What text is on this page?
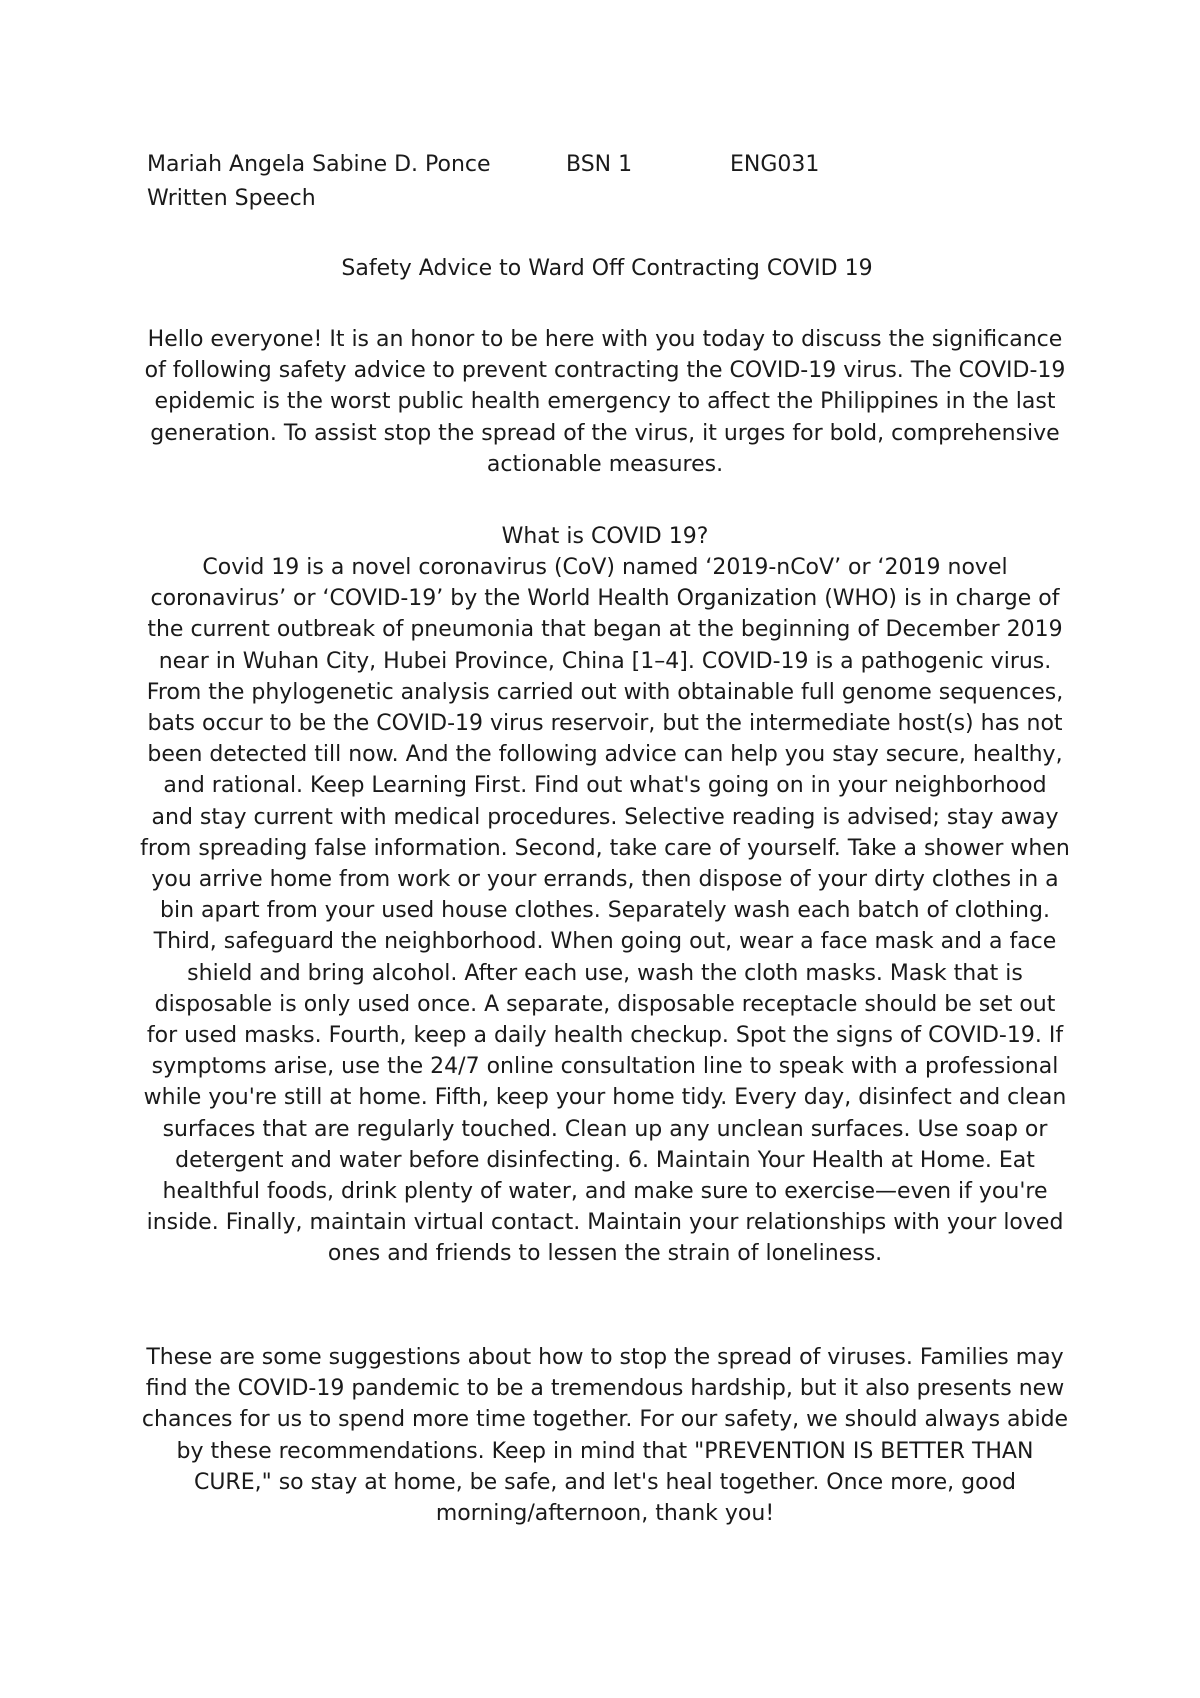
Mariah Angela Sabine D. Ponce	BSN 1	ENG031
Written Speech
Safety Advice to Ward Off Contracting COVID 19

Hello everyone! It is an honor to be here with you today to discuss the significance of following safety advice to prevent contracting the COVID-19 virus. The COVID-19 epidemic is the worst public health emergency to affect the Philippines in the last generation. To assist stop the spread of the virus, it urges for bold, comprehensive actionable measures.

What is COVID 19?

Covid 19 is a novel coronavirus (CoV) named ‘2019-nCoV’ or ‘2019 novel coronavirus’ or ‘COVID-19’ by the World Health Organization (WHO) is in charge of the current outbreak of pneumonia that began at the beginning of December 2019 near in Wuhan City, Hubei Province, China [1–4]. COVID-19 is a pathogenic virus. From the phylogenetic analysis carried out with obtainable full genome sequences, bats occur to be the COVID-19 virus reservoir, but the intermediate host(s) has not been detected till now. And the following advice can help you stay secure, healthy, and rational. Keep Learning First. Find out what's going on in your neighborhood and stay current with medical procedures. Selective reading is advised; stay away from spreading false information. Second, take care of yourself. Take a shower when you arrive home from work or your errands, then dispose of your dirty clothes in a bin apart from your used house clothes. Separately wash each batch of clothing. Third, safeguard the neighborhood. When going out, wear a face mask and a face shield and bring alcohol. After each use, wash the cloth masks. Mask that is disposable is only used once. A separate, disposable receptacle should be set out for used masks. Fourth, keep a daily health checkup. Spot the signs of COVID-19. If symptoms arise, use the 24/7 online consultation line to speak with a professional while you're still at home. Fifth, keep your home tidy. Every day, disinfect and clean surfaces that are regularly touched. Clean up any unclean surfaces. Use soap or detergent and water before disinfecting. 6. Maintain Your Health at Home. Eat healthful foods, drink plenty of water, and make sure to exercise—even if you're inside. Finally, maintain virtual contact. Maintain your relationships with your loved ones and friends to lessen the strain of loneliness.

These are some suggestions about how to stop the spread of viruses. Families may find the COVID-19 pandemic to be a tremendous hardship, but it also presents new chances for us to spend more time together. For our safety, we should always abide by these recommendations. Keep in mind that "PREVENTION IS BETTER THAN CURE," so stay at home, be safe, and let's heal together. Once more, good morning/afternoon, thank you!
